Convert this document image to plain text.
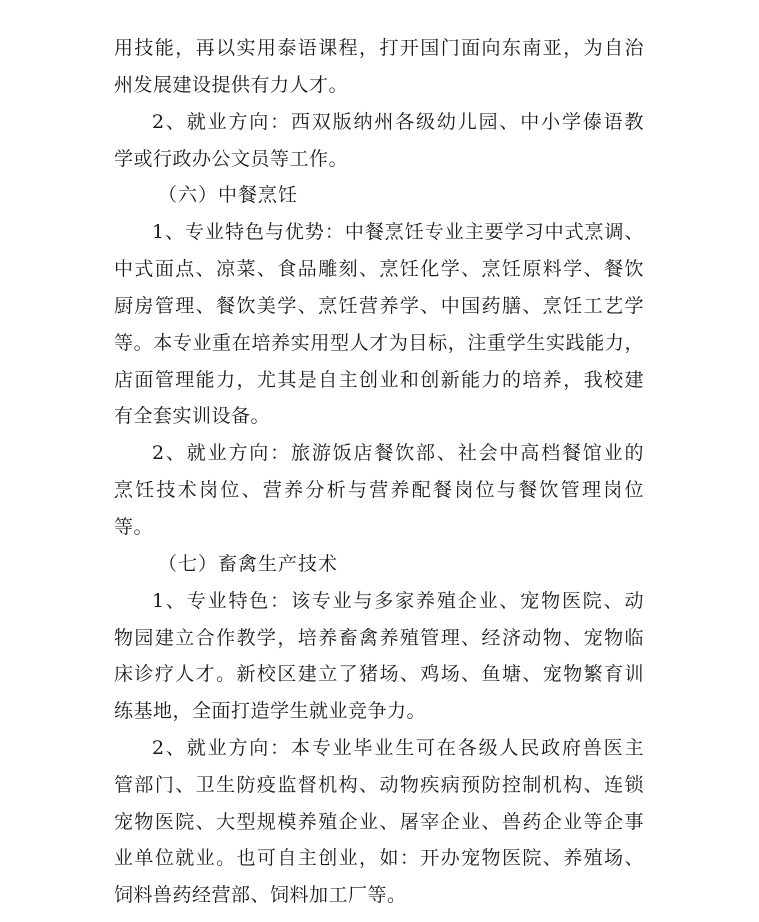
用技能，再以实用泰语课程，打开国门面向东南亚，为自治
州发展建设提供有力人才。
2、就业方向：西双版纳州各级幼儿园、中小学傣语教
学或行政办公文员等工作。
（六）中餐烹饪
1、专业特色与优势：中餐烹饪专业主要学习中式烹调、
中式面点、凉菜、食品雕刻、烹饪化学、烹饪原料学、餐饮
厨房管理、餐饮美学、烹饪营养学、中国药膳、烹饪工艺学
等。本专业重在培养实用型人才为目标，注重学生实践能力，
店面管理能力，尤其是自主创业和创新能力的培养，我校建
有全套实训设备。
2、就业方向：旅游饭店餐饮部、社会中高档餐馆业的
烹饪技术岗位、营养分析与营养配餐岗位与餐饮管理岗位
等。
（七）畜禽生产技术
1、专业特色：该专业与多家养殖企业、宠物医院、动
物园建立合作教学，培养畜禽养殖管理、经济动物、宠物临
床诊疗人才。新校区建立了猪场、鸡场、鱼塘、宠物繁育训
练基地，全面打造学生就业竞争力。
2、就业方向：本专业毕业生可在各级人民政府兽医主
管部门、卫生防疫监督机构、动物疾病预防控制机构、连锁
宠物医院、大型规模养殖企业、屠宰企业、兽药企业等企事
业单位就业。也可自主创业，如：开办宠物医院、养殖场、
饲料兽药经营部、饲料加工厂等。
